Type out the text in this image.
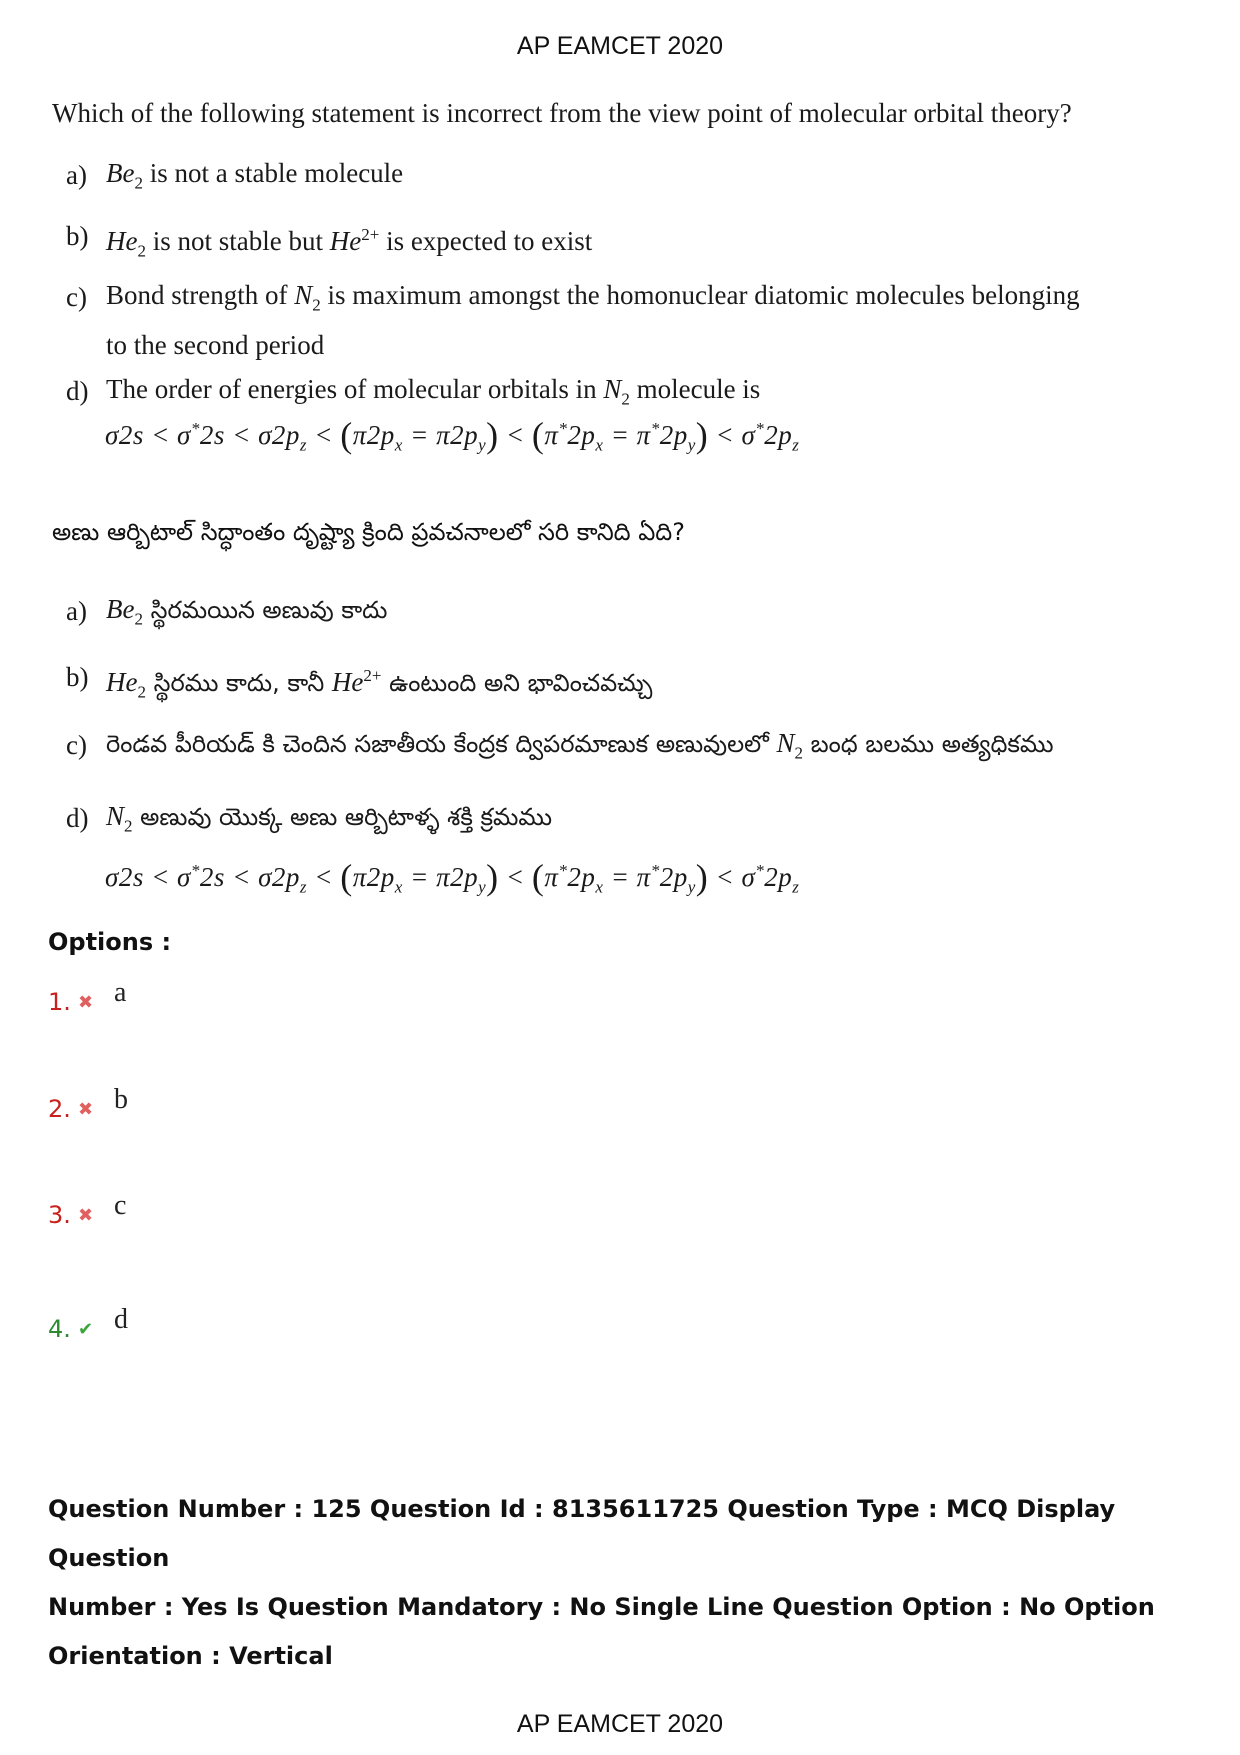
AP EAMCET 2020
Which of the following statement is incorrect from the view point of molecular orbital theory?
a) $Be_2$ is not a stable molecule
b) $He_2$ is not stable but $He^{2+}$ is expected to exist
c) Bond strength of $N_2$ is maximum amongst the homonuclear diatomic molecules belonging
to the second period
d) The order of energies of molecular orbitals in $N_2$ molecule is
$\sigma 2s < \sigma^*2s < \sigma 2p_z < (\pi 2p_x = \pi 2p_y) < (\pi^*2p_x = \pi^*2p_y) < \sigma^*2p_z$
అణు ఆర్బిటాల్ సిద్ధాంతం దృష్ట్యా క్రింది ప్రవచనాలలో సరి కానిది ఏది?
a) $Be_2$ స్థిరమయిన అణువు కాదు
b) $He_2$ స్థిరము కాదు, కానీ $He^{2+}$ ఉంటుంది అని భావించవచ్చు
c) రెండవ పీరియడ్ కి చెందిన సజాతీయ కేంద్రక ద్విపరమాణుక అణువులలో $N_2$ బంధ బలము అత్యధికము
d) $N_2$ అణువు యొక్క అణు ఆర్బిటాళ్ళ శక్తి క్రమము
$\sigma 2s < \sigma^*2s < \sigma 2p_z < (\pi 2p_x = \pi 2p_y) < (\pi^*2p_x = \pi^*2p_y) < \sigma^*2p_z$
Options :
1. ✖ a
2. ✖ b
3. ✖ c
4. ✔ d
Question Number : 125 Question Id : 8135611725 Question Type : MCQ Display Question
Number : Yes Is Question Mandatory : No Single Line Question Option : No Option
Orientation : Vertical
AP EAMCET 2020
